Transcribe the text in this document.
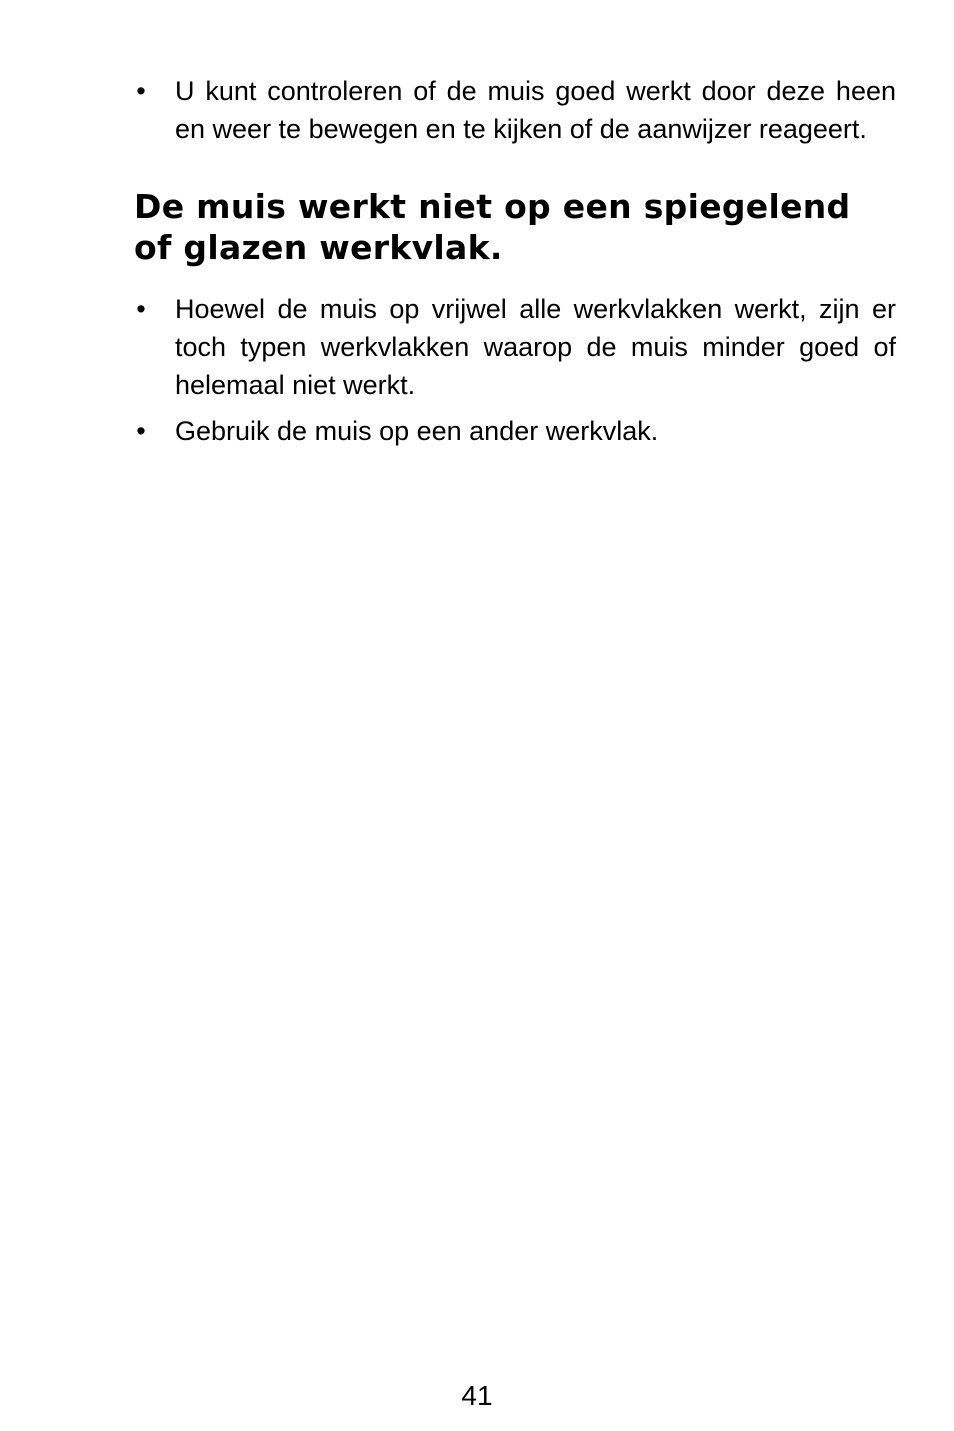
• U kunt controleren of de muis goed werkt door deze heen en weer te bewegen en te kijken of de aanwijzer reageert.
De muis werkt niet op een spiegelend of glazen werkvlak.
• Hoewel de muis op vrijwel alle werkvlakken werkt, zijn er toch typen werkvlakken waarop de muis minder goed of helemaal niet werkt.
• Gebruik de muis op een ander werkvlak.
41
